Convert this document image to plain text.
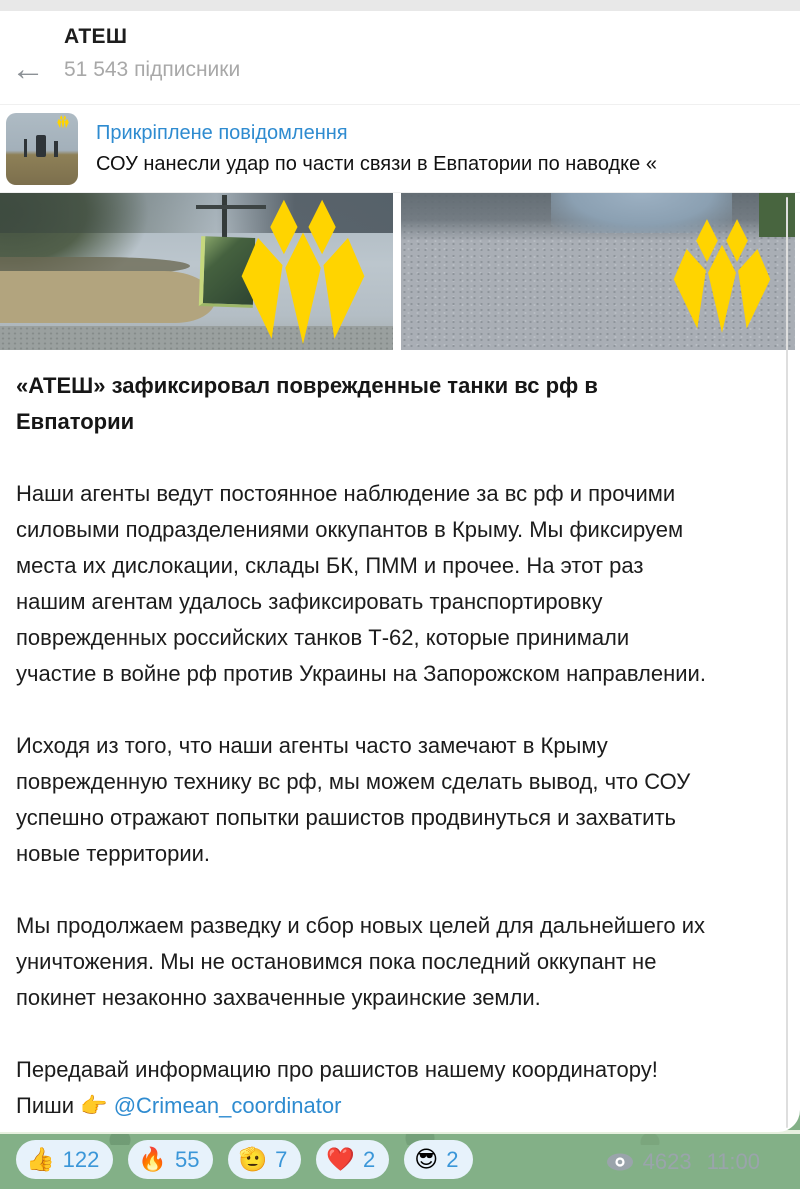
←
АТЕШ
51 543 підписники
Прикріплене повідомлення
СОУ нанесли удар по части связи в Евпатории по наводке «
«АТЕШ» зафиксировал поврежденные танки вс рф в Евпатории

Наши агенты ведут постоянное наблюдение за вс рф и прочими силовыми подразделениями оккупантов в Крыму. Мы фиксируем места их дислокации, склады БК, ПММ и прочее. На этот раз нашим агентам удалось зафиксировать транспортировку поврежденных российских танков Т-62, которые принимали участие в войне рф против Украины на Запорожском направлении.

Исходя из того, что наши агенты часто замечают в Крыму поврежденную технику вс рф, мы можем сделать вывод, что СОУ успешно отражают попытки рашистов продвинуться и захватить новые территории.

Мы продолжаем разведку и сбор новых целей для дальнейшего их уничтожения. Мы не остановимся пока последний оккупант не покинет незаконно захваченные украинские земли.

Передавай информацию про рашистов нашему координатору!

Пиши 👉 @Crimean_coordinator

👍 122 🔥 55 🫡 7 ❤️ 2 😎 2	4623 11:00
